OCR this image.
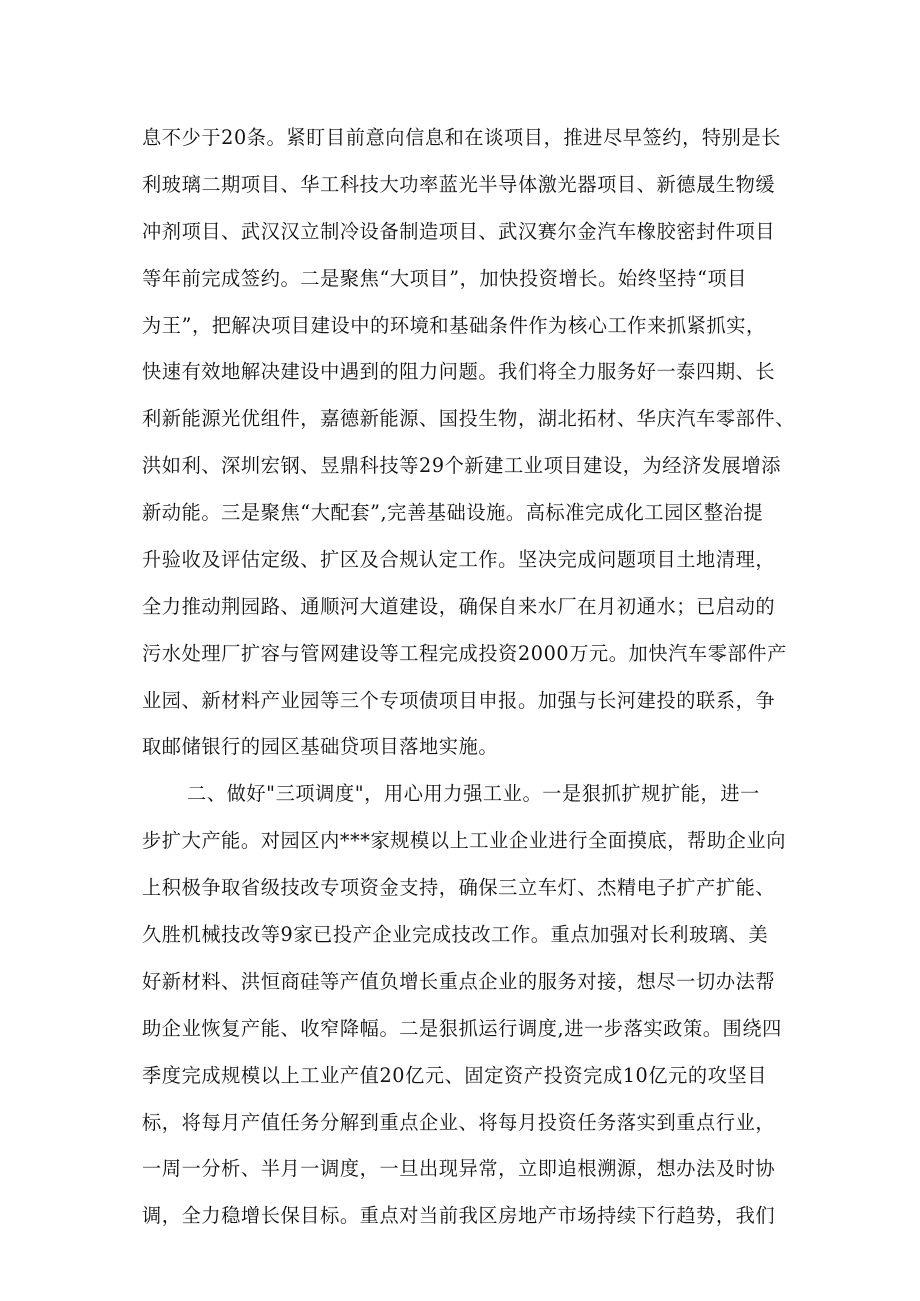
息不少于20条。紧盯目前意向信息和在谈项目，推进尽早签约，特别是长
利玻璃二期项目、华工科技大功率蓝光半导体激光器项目、新德晟生物缓
冲剂项目、武汉汉立制冷设备制造项目、武汉赛尔金汽车橡胶密封件项目
等年前完成签约。二是聚焦“大项目”，加快投资增长。始终坚持“项目
为王”，把解决项目建设中的环境和基础条件作为核心工作来抓紧抓实，
快速有效地解决建设中遇到的阻力问题。我们将全力服务好一泰四期、长
利新能源光优组件，嘉德新能源、国投生物，湖北拓材、华庆汽车零部件、
洪如利、深圳宏钢、昱鼎科技等29个新建工业项目建设，为经济发展增添
新动能。三是聚焦“大配套”,完善基础设施。高标准完成化工园区整治提
升验收及评估定级、扩区及合规认定工作。坚决完成问题项目土地清理，
全力推动荆园路、通顺河大道建设，确保自来水厂在月初通水；已启动的
污水处理厂扩容与管网建设等工程完成投资2000万元。加快汽车零部件产
业园、新材料产业园等三个专项债项目申报。加强与长河建投的联系，争
取邮储银行的园区基础贷项目落地实施。
二、做好"三项调度"，用心用力强工业。一是狠抓扩规扩能，进一
步扩大产能。对园区内***家规模以上工业企业进行全面摸底，帮助企业向
上积极争取省级技改专项资金支持，确保三立车灯、杰精电子扩产扩能、
久胜机械技改等9家已投产企业完成技改工作。重点加强对长利玻璃、美
好新材料、洪恒商硅等产值负增长重点企业的服务对接，想尽一切办法帮
助企业恢复产能、收窄降幅。二是狠抓运行调度,进一步落实政策。围绕四
季度完成规模以上工业产值20亿元、固定资产投资完成10亿元的攻坚目
标，将每月产值任务分解到重点企业、将每月投资任务落实到重点行业，
一周一分析、半月一调度，一旦出现异常，立即追根溯源，想办法及时协
调，全力稳增长保目标。重点对当前我区房地产市场持续下行趋势，我们
